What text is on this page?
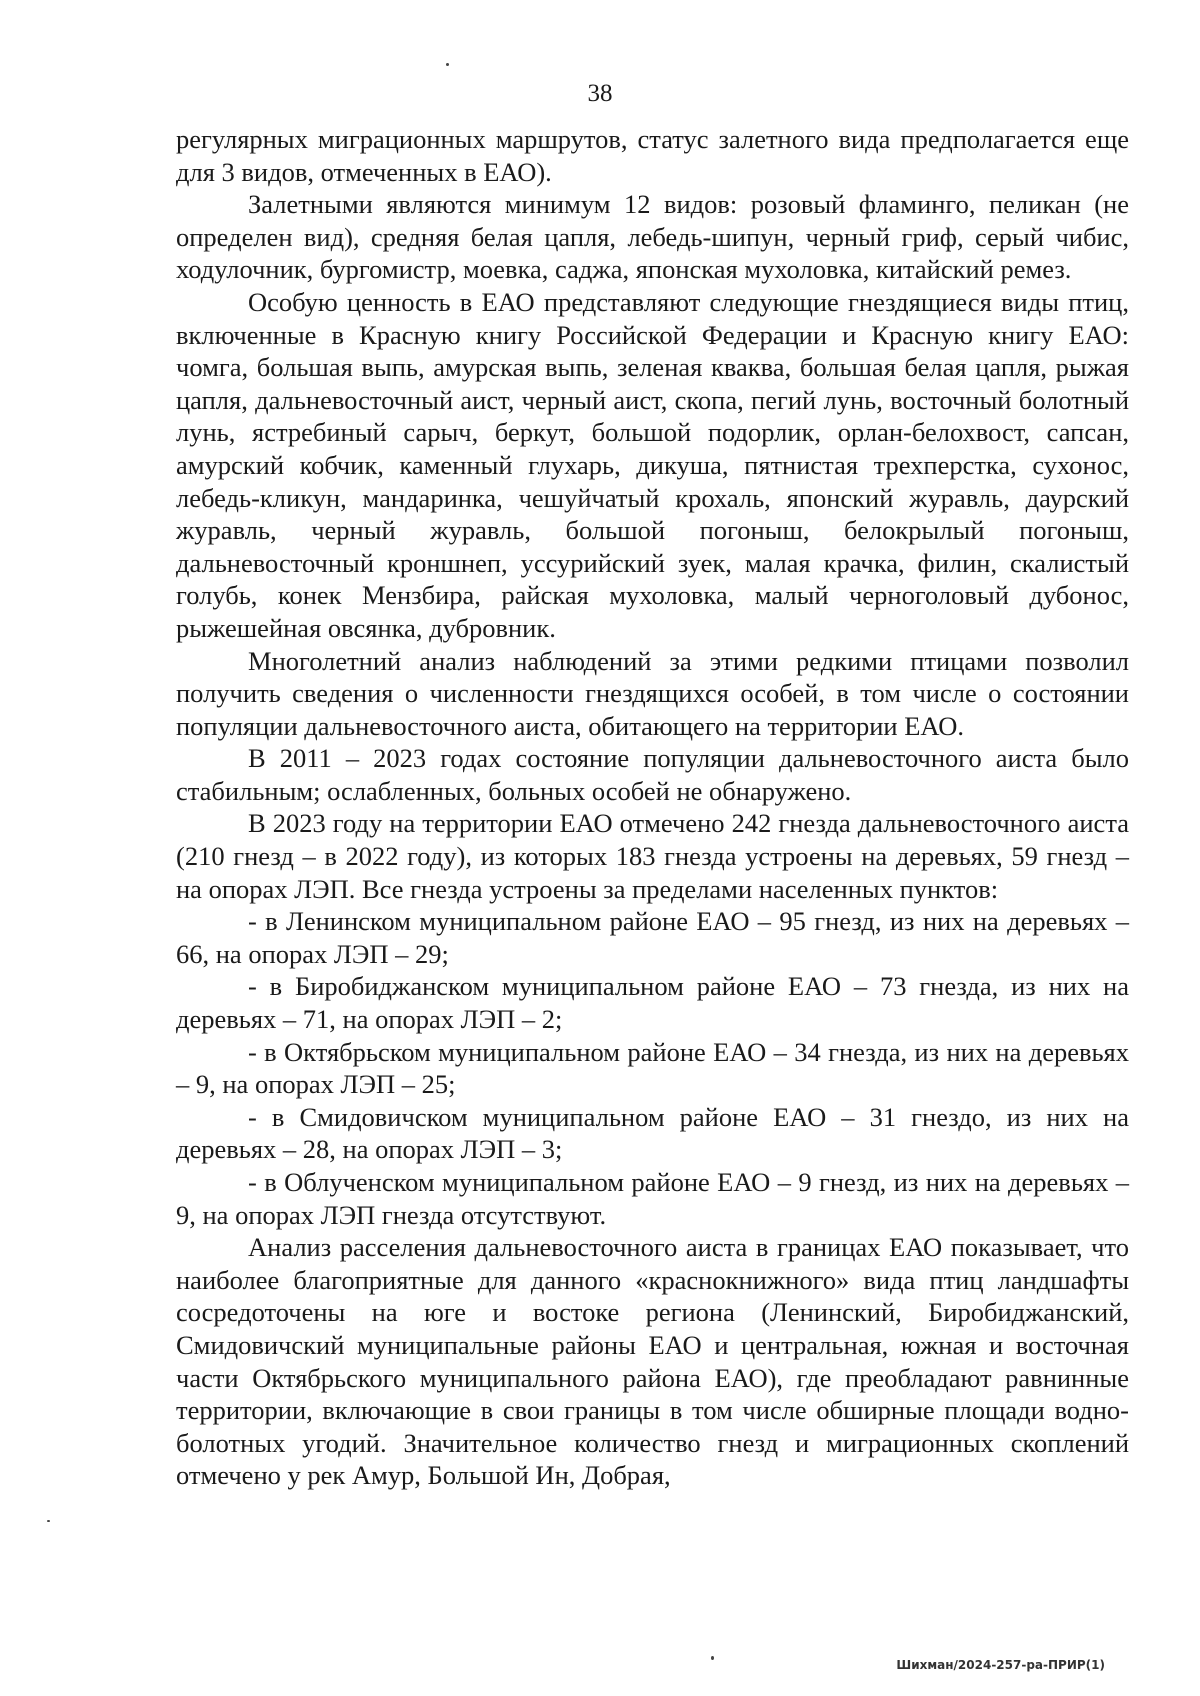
38

регулярных миграционных маршрутов, статус залетного вида предполагается еще для 3 видов, отмеченных в ЕАО).

Залетными являются минимум 12 видов: розовый фламинго, пеликан (не определен вид), средняя белая цапля, лебедь-шипун, черный гриф, серый чибис, ходулочник, бургомистр, моевка, саджа, японская мухоловка, китайский ремез.

Особую ценность в ЕАО представляют следующие гнездящиеся виды птиц, включенные в Красную книгу Российской Федерации и Красную книгу ЕАО: чомга, большая выпь, амурская выпь, зеленая кваква, большая белая цапля, рыжая цапля, дальневосточный аист, черный аист, скопа, пегий лунь, восточный болотный лунь, ястребиный сарыч, беркут, большой подорлик, орлан-белохвост, сапсан, амурский кобчик, каменный глухарь, дикуша, пятнистая трехперстка, сухонос, лебедь-кликун, мандаринка, чешуйчатый крохаль, японский журавль, даурский журавль, черный журавль, большой погоныш, белокрылый погоныш, дальневосточный кроншнеп, уссурийский зуек, малая крачка, филин, скалистый голубь, конек Мензбира, райская мухоловка, малый черноголовый дубонос, рыжешейная овсянка, дубровник.

Многолетний анализ наблюдений за этими редкими птицами позволил получить сведения о численности гнездящихся особей, в том числе о состоянии популяции дальневосточного аиста, обитающего на территории ЕАО.

В 2011 – 2023 годах состояние популяции дальневосточного аиста было стабильным; ослабленных, больных особей не обнаружено.

В 2023 году на территории ЕАО отмечено 242 гнезда дальневосточного аиста (210 гнезд – в 2022 году), из которых 183 гнезда устроены на деревьях, 59 гнезд – на опорах ЛЭП. Все гнезда устроены за пределами населенных пунктов:

- в Ленинском муниципальном районе ЕАО – 95 гнезд, из них на деревьях – 66, на опорах ЛЭП – 29;

- в Биробиджанском муниципальном районе ЕАО – 73 гнезда, из них на деревьях – 71, на опорах ЛЭП – 2;

- в Октябрьском муниципальном районе ЕАО – 34 гнезда, из них на деревьях – 9, на опорах ЛЭП – 25;

- в Смидовичском муниципальном районе ЕАО – 31 гнездо, из них на деревьях – 28, на опорах ЛЭП – 3;

- в Облученском муниципальном районе ЕАО – 9 гнезд, из них на деревьях – 9, на опорах ЛЭП гнезда отсутствуют.

Анализ расселения дальневосточного аиста в границах ЕАО показывает, что наиболее благоприятные для данного «краснокнижного» вида птиц ландшафты сосредоточены на юге и востоке региона (Ленинский, Биробиджанский, Смидовичский муниципальные районы ЕАО и центральная, южная и восточная части Октябрьского муниципального района ЕАО), где преобладают равнинные территории, включающие в свои границы в том числе обширные площади водно-болотных угодий. Значительное количество гнезд и миграционных скоплений отмечено у рек Амур, Большой Ин, Добрая,

Шихман/2024-257-ра-ПРИР(1)
